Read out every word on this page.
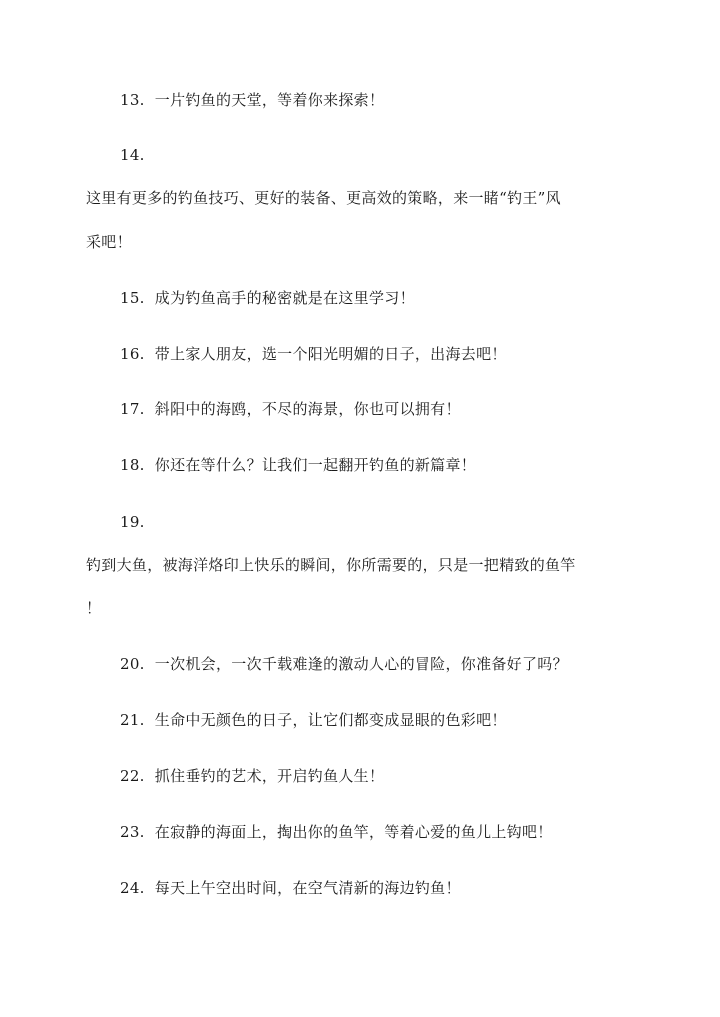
13. 一片钓鱼的天堂，等着你来探索！
14.
这里有更多的钓鱼技巧、更好的装备、更高效的策略，来一睹“钓王”风
采吧！
15. 成为钓鱼高手的秘密就是在这里学习！
16. 带上家人朋友，选一个阳光明媚的日子，出海去吧！
17. 斜阳中的海鸥，不尽的海景，你也可以拥有！
18. 你还在等什么？让我们一起翻开钓鱼的新篇章！
19.
钓到大鱼，被海洋烙印上快乐的瞬间，你所需要的，只是一把精致的鱼竿
！
20. 一次机会，一次千载难逢的激动人心的冒险，你准备好了吗？
21. 生命中无颜色的日子，让它们都变成显眼的色彩吧！
22. 抓住垂钓的艺术，开启钓鱼人生！
23. 在寂静的海面上，掏出你的鱼竿，等着心爱的鱼儿上钩吧！
24. 每天上午空出时间，在空气清新的海边钓鱼！
